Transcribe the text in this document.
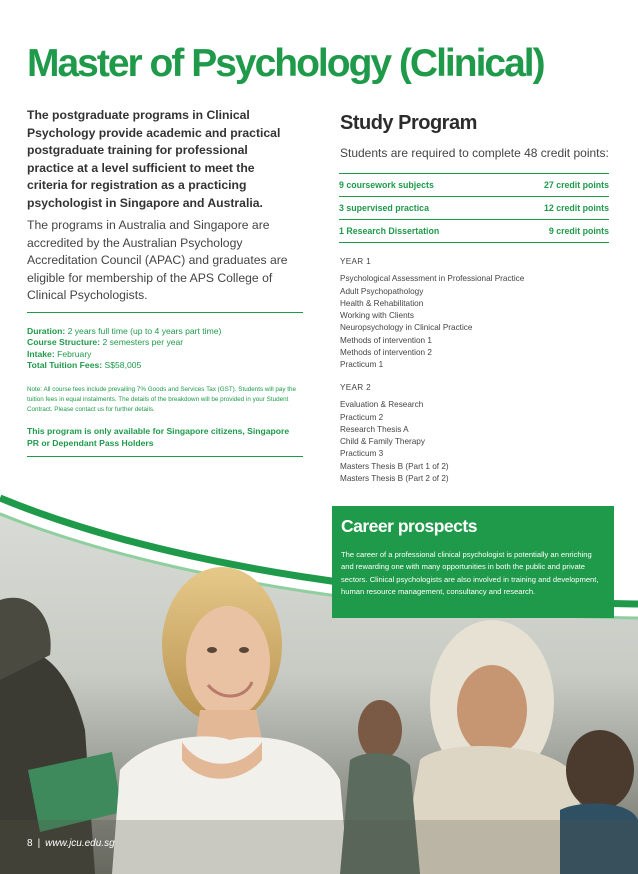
Master of Psychology (Clinical)

The postgraduate programs in Clinical Psychology provide academic and practical postgraduate training for professional practice at a level sufficient to meet the criteria for registration as a practicing psychologist in Singapore and Australia.

The programs in Australia and Singapore are accredited by the Australian Psychology Accreditation Council (APAC) and graduates are eligible for membership of the APS College of Clinical Psychologists.

Duration: 2 years full time (up to 4 years part time)
Course Structure: 2 semesters per year
Intake: February
Total Tuition Fees: S$58,005

Note: All course fees include prevailing 7% Goods and Services Tax (GST). Students will pay the tuition fees in equal instalments. The details of the breakdown will be provided in your Student Contract. Please contact us for further details.

This program is only available for Singapore citizens, Singapore PR or Dependant Pass Holders

Study Program

Students are required to complete 48 credit points:

9 coursework subjects	27 credit points
3 supervised practica	12 credit points
1 Research Dissertation	9 credit points
YEAR 1
Psychological Assessment in Professional Practice
Adult Psychopathology
Health & Rehabilitation
Working with Clients
Neuropsychology in Clinical Practice
Methods of intervention 1
Methods of intervention 2
Practicum 1
YEAR 2
Evaluation & Research
Practicum 2
Research Thesis A
Child & Family Therapy
Practicum 3
Masters Thesis B (Part 1 of 2)
Masters Thesis B (Part 2 of 2)
Career prospects

The career of a professional clinical psychologist is potentially an enriching and rewarding one with many opportunities in both the public and private sectors. Clinical psychologists are also involved in training and development, human resource management, consultancy and research.

8 | www.jcu.edu.sg
